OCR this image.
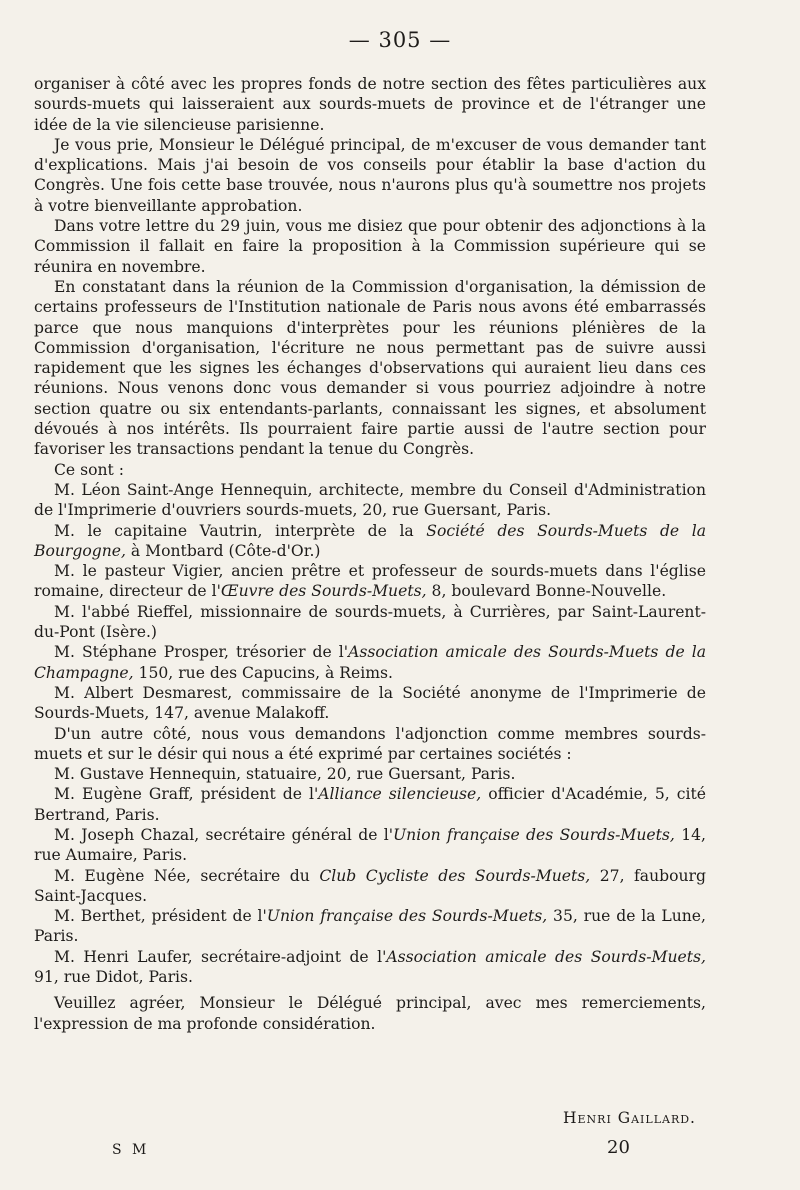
— 305 —

organiser à côté avec les propres fonds de notre section des fêtes particulières aux sourds-muets qui laisseraient aux sourds-muets de province et de l'étranger une idée de la vie silencieuse parisienne.

Je vous prie, Monsieur le Délégué principal, de m'excuser de vous demander tant d'explications. Mais j'ai besoin de vos conseils pour établir la base d'action du Congrès. Une fois cette base trouvée, nous n'aurons plus qu'à soumettre nos projets à votre bienveillante approbation.

Dans votre lettre du 29 juin, vous me disiez que pour obtenir des adjonctions à la Commission il fallait en faire la proposition à la Commission supérieure qui se réunira en novembre.

En constatant dans la réunion de la Commission d'organisation, la démission de certains professeurs de l'Institution nationale de Paris nous avons été embarrassés parce que nous manquions d'interprètes pour les réunions plénières de la Commission d'organisation, l'écriture ne nous permettant pas de suivre aussi rapidement que les signes les échanges d'observations qui auraient lieu dans ces réunions. Nous venons donc vous demander si vous pourriez adjoindre à notre section quatre ou six entendants-parlants, connaissant les signes, et absolument dévoués à nos intérêts. Ils pourraient faire partie aussi de l'autre section pour favoriser les transactions pendant la tenue du Congrès.

Ce sont :

M. Léon Saint-Ange Hennequin, architecte, membre du Conseil d'Administration de l'Imprimerie d'ouvriers sourds-muets, 20, rue Guersant, Paris.

M. le capitaine Vautrin, interprète de la Société des Sourds-Muets de la Bourgogne, à Montbard (Côte-d'Or.)

M. le pasteur Vigier, ancien prêtre et professeur de sourds-muets dans l'église romaine, directeur de l'Œuvre des Sourds-Muets, 8, boulevard Bonne-Nouvelle.

M. l'abbé Rieffel, missionnaire de sourds-muets, à Currières, par Saint-Laurent-du-Pont (Isère.)

M. Stéphane Prosper, trésorier de l'Association amicale des Sourds-Muets de la Champagne, 150, rue des Capucins, à Reims.

M. Albert Desmarest, commissaire de la Société anonyme de l'Imprimerie de Sourds-Muets, 147, avenue Malakoff.

D'un autre côté, nous vous demandons l'adjonction comme membres sourds-muets et sur le désir qui nous a été exprimé par certaines sociétés :

M. Gustave Hennequin, statuaire, 20, rue Guersant, Paris.

M. Eugène Graff, président de l'Alliance silencieuse, officier d'Académie, 5, cité Bertrand, Paris.

M. Joseph Chazal, secrétaire général de l'Union française des Sourds-Muets, 14, rue Aumaire, Paris.

M. Eugène Née, secrétaire du Club Cycliste des Sourds-Muets, 27, faubourg Saint-Jacques.

M. Berthet, président de l'Union française des Sourds-Muets, 35, rue de la Lune, Paris.

M. Henri Laufer, secrétaire-adjoint de l'Association amicale des Sourds-Muets, 91, rue Didot, Paris.

Veuillez agréer, Monsieur le Délégué principal, avec mes remerciements, l'expression de ma profonde considération.

Henri Gaillard.
S M	20
